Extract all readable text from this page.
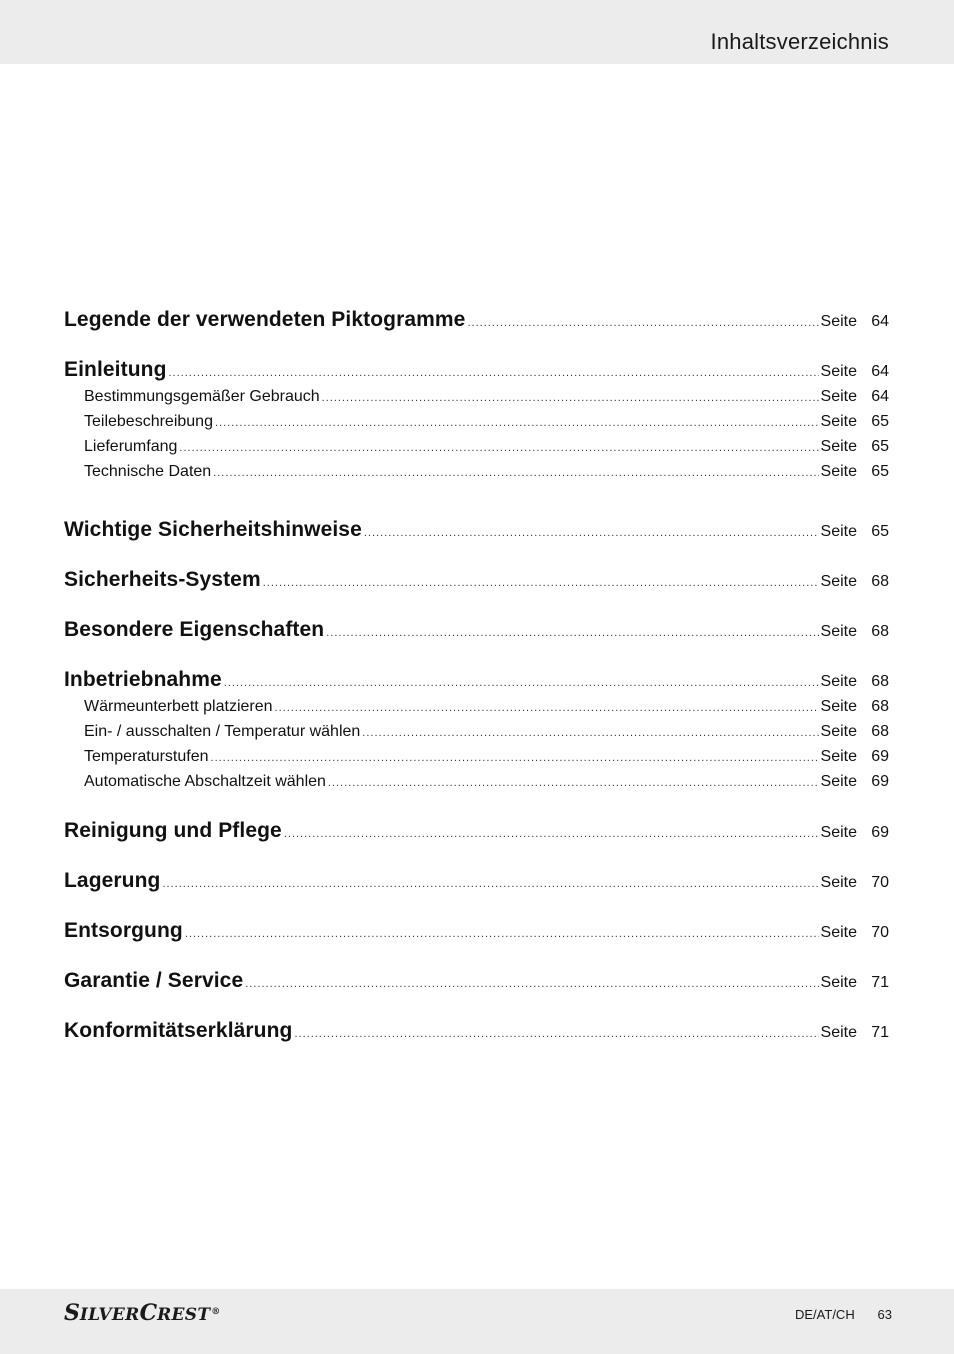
Inhaltsverzeichnis
Legende der verwendeten Piktogramme .....	Seite 64
Einleitung .....	Seite 64
Bestimmungsgemäßer Gebrauch .....	Seite 64
Teilebeschreibung .....	Seite 65
Lieferumfang .....	Seite 65
Technische Daten .....	Seite 65
Wichtige Sicherheitshinweise .....	Seite 65
Sicherheits-System .....	Seite 68
Besondere Eigenschaften .....	Seite 68
Inbetriebnahme .....	Seite 68
Wärmeunterbett platzieren .....	Seite 68
Ein- / ausschalten / Temperatur wählen .....	Seite 68
Temperaturstufen .....	Seite 69
Automatische Abschaltzeit wählen .....	Seite 69
Reinigung und Pflege .....	Seite 69
Lagerung .....	Seite 70
Entsorgung .....	Seite 70
Garantie / Service .....	Seite 71
Konformitätserklärung .....	Seite 71
SILVERCREST®	DE/AT/CH 63
